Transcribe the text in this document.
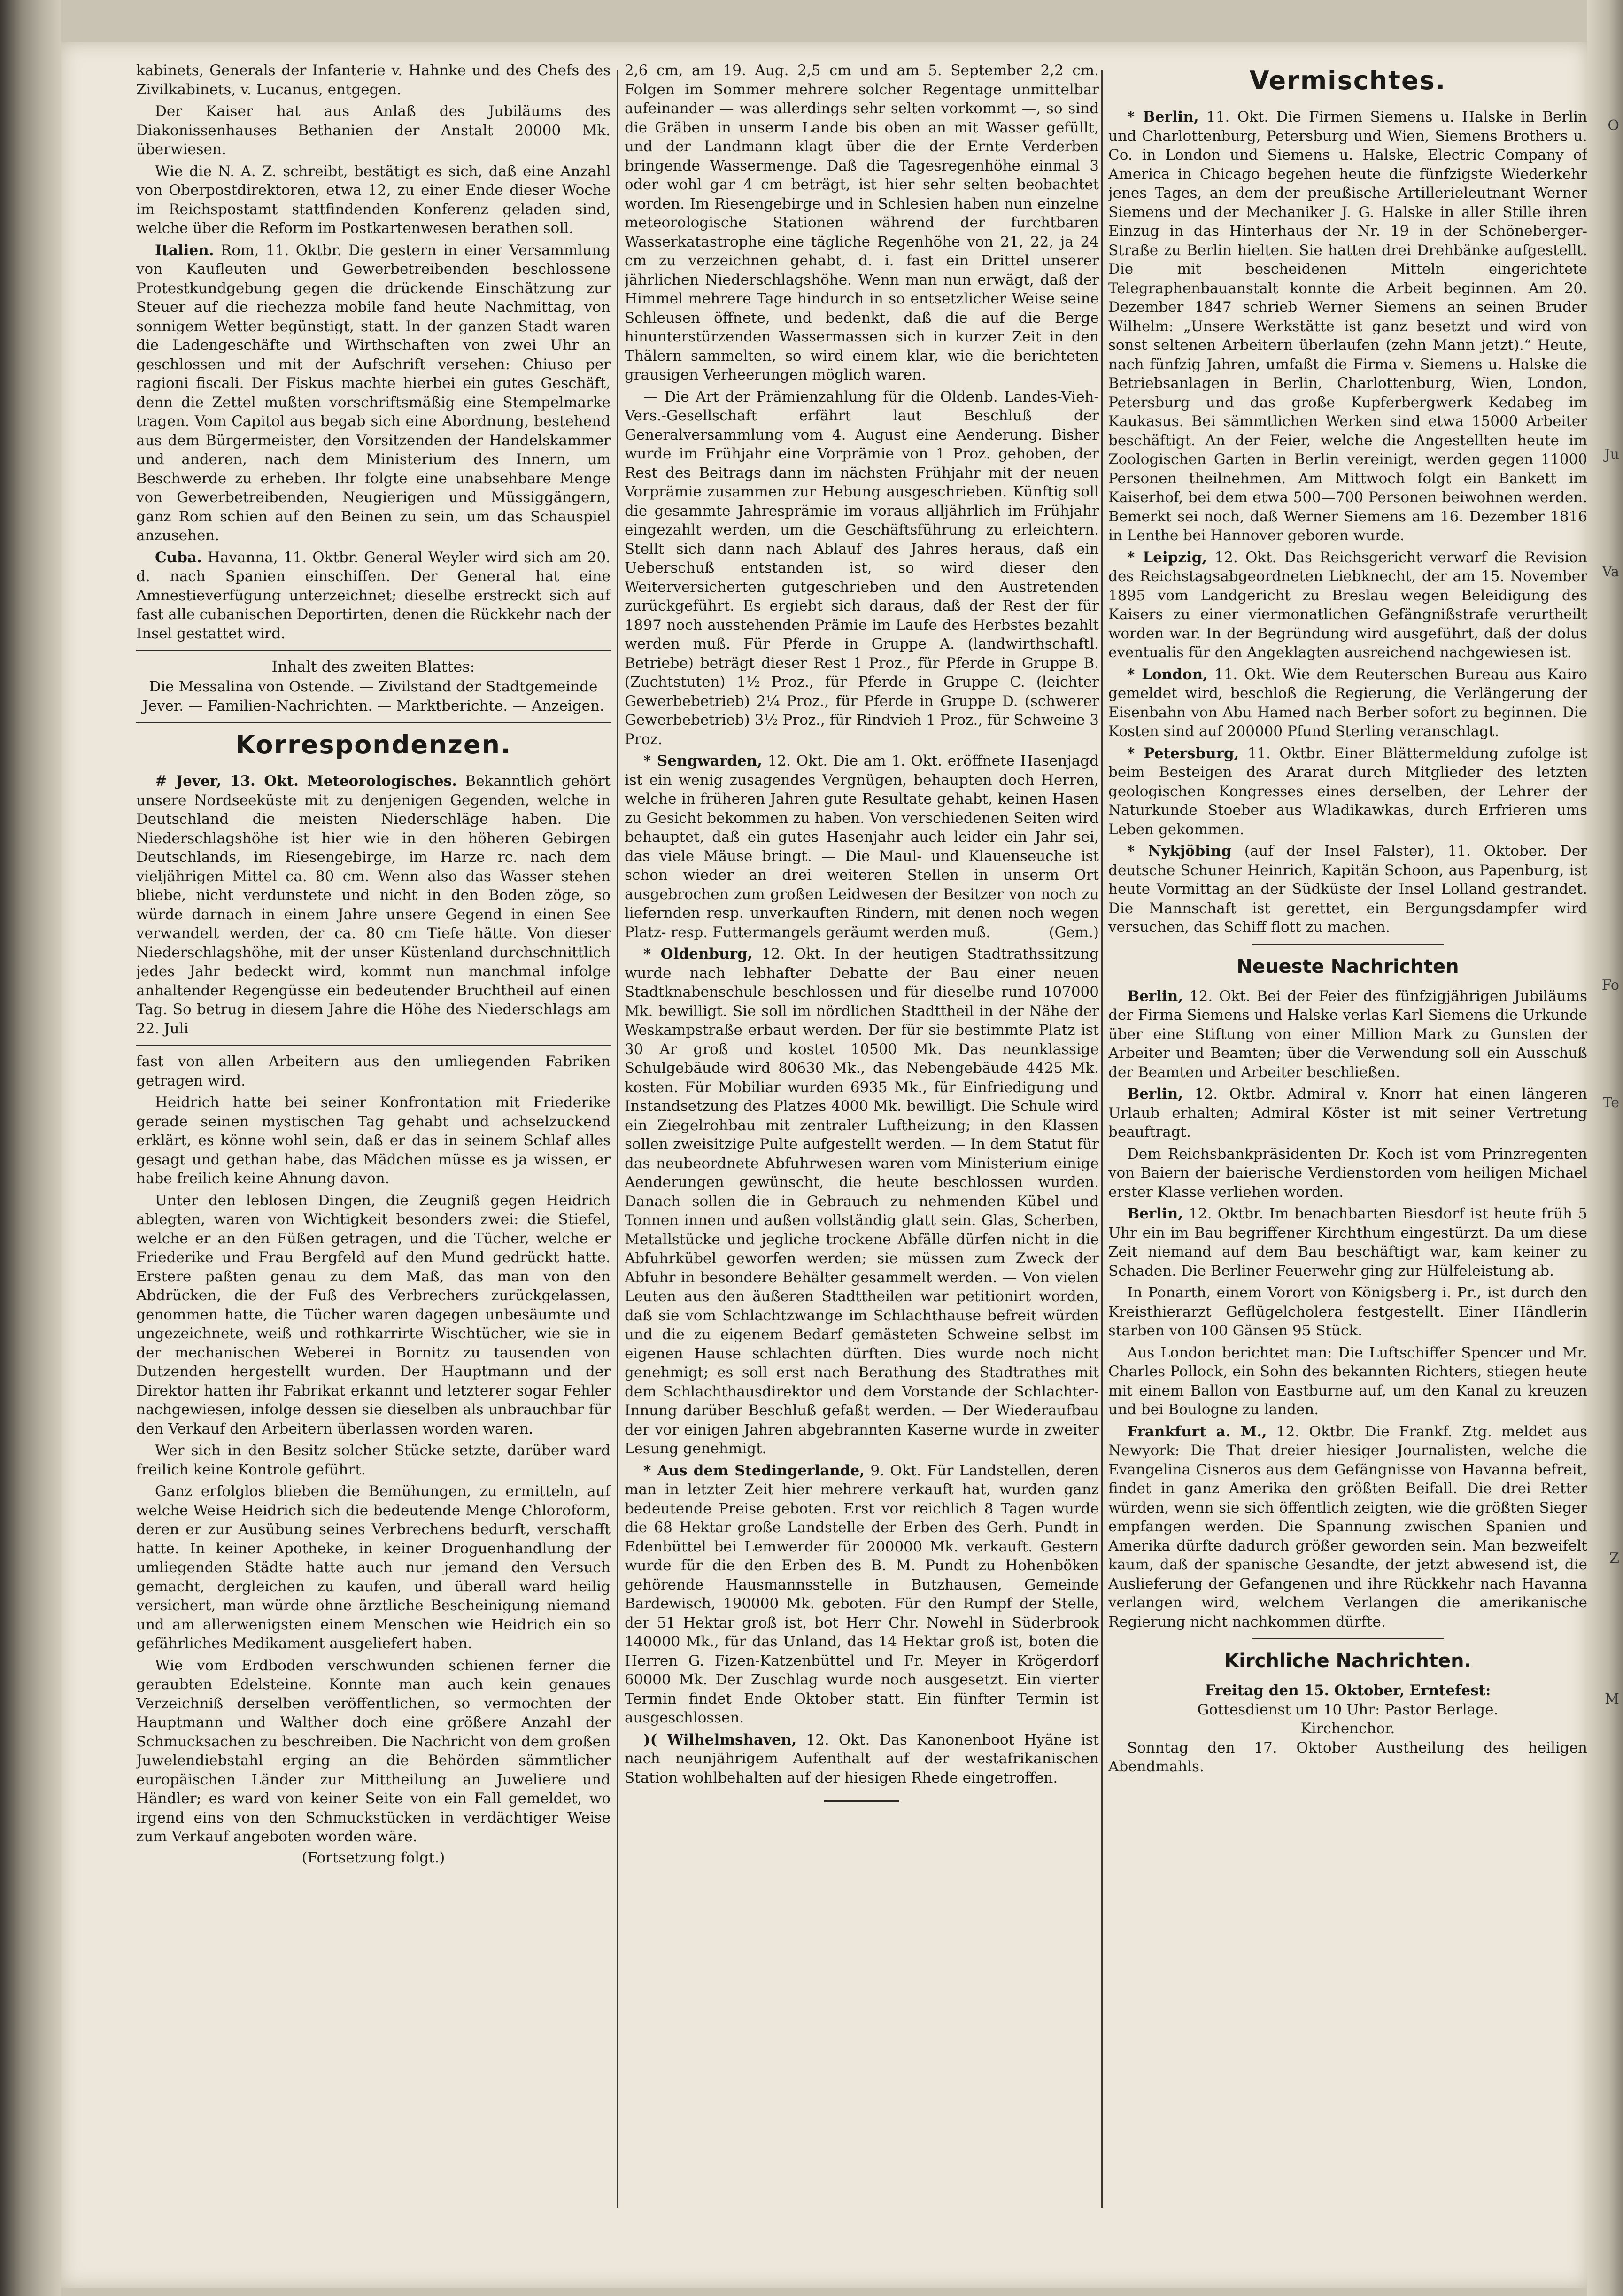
O
Ju
Va
Fo
Te
Z
M

kabinets, Generals der Infanterie v. Hahnke und des Chefs des Zivilkabinets, v. Lucanus, entgegen.

Der Kaiser hat aus Anlaß des Jubiläums des Diakonissenhauses Bethanien der Anstalt 20000 Mk. überwiesen.

Wie die N. A. Z. schreibt, bestätigt es sich, daß eine Anzahl von Oberpostdirektoren, etwa 12, zu einer Ende dieser Woche im Reichspostamt stattfindenden Konferenz geladen sind, welche über die Reform im Postkartenwesen berathen soll.

Italien. Rom, 11. Oktbr. Die gestern in einer Versammlung von Kaufleuten und Gewerbetreibenden beschlossene Protestkundgebung gegen die drückende Einschätzung zur Steuer auf die riechezza mobile fand heute Nachmittag, von sonnigem Wetter begünstigt, statt. In der ganzen Stadt waren die Ladengeschäfte und Wirthschaften von zwei Uhr an geschlossen und mit der Aufschrift versehen: Chiuso per ragioni fiscali. Der Fiskus machte hierbei ein gutes Geschäft, denn die Zettel mußten vorschriftsmäßig eine Stempelmarke tragen. Vom Capitol aus begab sich eine Abordnung, bestehend aus dem Bürgermeister, den Vorsitzenden der Handelskammer und anderen, nach dem Ministerium des Innern, um Beschwerde zu erheben. Ihr folgte eine unabsehbare Menge von Gewerbetreibenden, Neugierigen und Müssiggängern, ganz Rom schien auf den Beinen zu sein, um das Schauspiel anzusehen.

Cuba. Havanna, 11. Oktbr. General Weyler wird sich am 20. d. nach Spanien einschiffen. Der General hat eine Amnestieverfügung unterzeichnet; dieselbe erstreckt sich auf fast alle cubanischen Deportirten, denen die Rückkehr nach der Insel gestattet wird.

Inhalt des zweiten Blattes:

Die Messalina von Ostende. — Zivilstand der Stadtgemeinde Jever. — Familien-Nachrichten. — Marktberichte. — Anzeigen.

Korrespondenzen.

# Jever, 13. Okt. Meteorologisches. Bekanntlich gehört unsere Nordseeküste mit zu denjenigen Gegenden, welche in Deutschland die meisten Niederschläge haben. Die Niederschlagshöhe ist hier wie in den höheren Gebirgen Deutschlands, im Riesengebirge, im Harze rc. nach dem vieljährigen Mittel ca. 80 cm. Wenn also das Wasser stehen bliebe, nicht verdunstete und nicht in den Boden zöge, so würde darnach in einem Jahre unsere Gegend in einen See verwandelt werden, der ca. 80 cm Tiefe hätte. Von dieser Niederschlagshöhe, mit der unser Küstenland durchschnittlich jedes Jahr bedeckt wird, kommt nun manchmal infolge anhaltender Regengüsse ein bedeutender Bruchtheil auf einen Tag. So betrug in diesem Jahre die Höhe des Niederschlags am 22. Juli

fast von allen Arbeitern aus den umliegenden Fabriken getragen wird.

Heidrich hatte bei seiner Konfrontation mit Friederike gerade seinen mystischen Tag gehabt und achselzuckend erklärt, es könne wohl sein, daß er das in seinem Schlaf alles gesagt und gethan habe, das Mädchen müsse es ja wissen, er habe freilich keine Ahnung davon.

Unter den leblosen Dingen, die Zeugniß gegen Heidrich ablegten, waren von Wichtigkeit besonders zwei: die Stiefel, welche er an den Füßen getragen, und die Tücher, welche er Friederike und Frau Bergfeld auf den Mund gedrückt hatte. Erstere paßten genau zu dem Maß, das man von den Abdrücken, die der Fuß des Verbrechers zurückgelassen, genommen hatte, die Tücher waren dagegen unbesäumte und ungezeichnete, weiß und rothkarrirte Wischtücher, wie sie in der mechanischen Weberei in Bornitz zu tausenden von Dutzenden hergestellt wurden. Der Hauptmann und der Direktor hatten ihr Fabrikat erkannt und letzterer sogar Fehler nachgewiesen, infolge dessen sie dieselben als unbrauchbar für den Verkauf den Arbeitern überlassen worden waren.

Wer sich in den Besitz solcher Stücke setzte, darüber ward freilich keine Kontrole geführt.

Ganz erfolglos blieben die Bemühungen, zu ermitteln, auf welche Weise Heidrich sich die bedeutende Menge Chloroform, deren er zur Ausübung seines Verbrechens bedurft, verschafft hatte. In keiner Apotheke, in keiner Droguenhandlung der umliegenden Städte hatte auch nur jemand den Versuch gemacht, dergleichen zu kaufen, und überall ward heilig versichert, man würde ohne ärztliche Bescheinigung niemand und am allerwenigsten einem Menschen wie Heidrich ein so gefährliches Medikament ausgeliefert haben.

Wie vom Erdboden verschwunden schienen ferner die geraubten Edelsteine. Konnte man auch kein genaues Verzeichniß derselben veröffentlichen, so vermochten der Hauptmann und Walther doch eine größere Anzahl der Schmucksachen zu beschreiben. Die Nachricht von dem großen Juwelendiebstahl erging an die Behörden sämmtlicher europäischen Länder zur Mittheilung an Juweliere und Händler; es ward von keiner Seite von ein Fall gemeldet, wo irgend eins von den Schmuckstücken in verdächtiger Weise zum Verkauf angeboten worden wäre.

(Fortsetzung folgt.)

2,6 cm, am 19. Aug. 2,5 cm und am 5. September 2,2 cm. Folgen im Sommer mehrere solcher Regentage unmittelbar aufeinander — was allerdings sehr selten vorkommt —, so sind die Gräben in unserm Lande bis oben an mit Wasser gefüllt, und der Landmann klagt über die der Ernte Verderben bringende Wassermenge. Daß die Tagesregenhöhe einmal 3 oder wohl gar 4 cm beträgt, ist hier sehr selten beobachtet worden. Im Riesengebirge und in Schlesien haben nun einzelne meteorologische Stationen während der furchtbaren Wasserkatastrophe eine tägliche Regenhöhe von 21, 22, ja 24 cm zu verzeichnen gehabt, d. i. fast ein Drittel unserer jährlichen Niederschlagshöhe. Wenn man nun erwägt, daß der Himmel mehrere Tage hindurch in so entsetzlicher Weise seine Schleusen öffnete, und bedenkt, daß die auf die Berge hinunterstürzenden Wassermassen sich in kurzer Zeit in den Thälern sammelten, so wird einem klar, wie die berichteten grausigen Verheerungen möglich waren.

— Die Art der Prämienzahlung für die Oldenb. Landes-Vieh-Vers.-Gesellschaft erfährt laut Beschluß der Generalversammlung vom 4. August eine Aenderung. Bisher wurde im Frühjahr eine Vorprämie von 1 Proz. gehoben, der Rest des Beitrags dann im nächsten Frühjahr mit der neuen Vorprämie zusammen zur Hebung ausgeschrieben. Künftig soll die gesammte Jahresprämie im voraus alljährlich im Frühjahr eingezahlt werden, um die Geschäftsführung zu erleichtern. Stellt sich dann nach Ablauf des Jahres heraus, daß ein Ueberschuß entstanden ist, so wird dieser den Weiterversicherten gutgeschrieben und den Austretenden zurückgeführt. Es ergiebt sich daraus, daß der Rest der für 1897 noch ausstehenden Prämie im Laufe des Herbstes bezahlt werden muß. Für Pferde in Gruppe A. (landwirthschaftl. Betriebe) beträgt dieser Rest 1 Proz., für Pferde in Gruppe B. (Zuchtstuten) 1½ Proz., für Pferde in Gruppe C. (leichter Gewerbebetrieb) 2¼ Proz., für Pferde in Gruppe D. (schwerer Gewerbebetrieb) 3½ Proz., für Rindvieh 1 Proz., für Schweine 3 Proz.

* Sengwarden, 12. Okt. Die am 1. Okt. eröffnete Hasenjagd ist ein wenig zusagendes Vergnügen, behaupten doch Herren, welche in früheren Jahren gute Resultate gehabt, keinen Hasen zu Gesicht bekommen zu haben. Von verschiedenen Seiten wird behauptet, daß ein gutes Hasenjahr auch leider ein Jahr sei, das viele Mäuse bringt. — Die Maul- und Klauenseuche ist schon wieder an drei weiteren Stellen in unserm Ort ausgebrochen zum großen Leidwesen der Besitzer von noch zu liefernden resp. unverkauften Rindern, mit denen noch wegen Platz- resp. Futtermangels geräumt werden muß.	(Gem.)

* Oldenburg, 12. Okt. In der heutigen Stadtrathssitzung wurde nach lebhafter Debatte der Bau einer neuen Stadtknabenschule beschlossen und für dieselbe rund 107000 Mk. bewilligt. Sie soll im nördlichen Stadttheil in der Nähe der Weskampstraße erbaut werden. Der für sie bestimmte Platz ist 30 Ar groß und kostet 10500 Mk. Das neunklassige Schulgebäude wird 80630 Mk., das Nebengebäude 4425 Mk. kosten. Für Mobiliar wurden 6935 Mk., für Einfriedigung und Instandsetzung des Platzes 4000 Mk. bewilligt. Die Schule wird ein Ziegelrohbau mit zentraler Luftheizung; in den Klassen sollen zweisitzige Pulte aufgestellt werden. — In dem Statut für das neubeordnete Abfuhrwesen waren vom Ministerium einige Aenderungen gewünscht, die heute beschlossen wurden. Danach sollen die in Gebrauch zu nehmenden Kübel und Tonnen innen und außen vollständig glatt sein. Glas, Scherben, Metallstücke und jegliche trockene Abfälle dürfen nicht in die Abfuhrkübel geworfen werden; sie müssen zum Zweck der Abfuhr in besondere Behälter gesammelt werden. — Von vielen Leuten aus den äußeren Stadttheilen war petitionirt worden, daß sie vom Schlachtzwange im Schlachthause befreit würden und die zu eigenem Bedarf gemästeten Schweine selbst im eigenen Hause schlachten dürften. Dies wurde noch nicht genehmigt; es soll erst nach Berathung des Stadtrathes mit dem Schlachthausdirektor und dem Vorstande der Schlachter-Innung darüber Beschluß gefaßt werden. — Der Wiederaufbau der vor einigen Jahren abgebrannten Kaserne wurde in zweiter Lesung genehmigt.

* Aus dem Stedingerlande, 9. Okt. Für Landstellen, deren man in letzter Zeit hier mehrere verkauft hat, wurden ganz bedeutende Preise geboten. Erst vor reichlich 8 Tagen wurde die 68 Hektar große Landstelle der Erben des Gerh. Pundt in Edenbüttel bei Lemwerder für 200000 Mk. verkauft. Gestern wurde für die den Erben des B. M. Pundt zu Hohenböken gehörende Hausmannsstelle in Butzhausen, Gemeinde Bardewisch, 190000 Mk. geboten. Für den Rumpf der Stelle, der 51 Hektar groß ist, bot Herr Chr. Nowehl in Süderbrook 140000 Mk., für das Unland, das 14 Hektar groß ist, boten die Herren G. Fizen-Katzenbüttel und Fr. Meyer in Krögerdorf 60000 Mk. Der Zuschlag wurde noch ausgesetzt. Ein vierter Termin findet Ende Oktober statt. Ein fünfter Termin ist ausgeschlossen.

)( Wilhelmshaven, 12. Okt. Das Kanonenboot Hyäne ist nach neunjährigem Aufenthalt auf der westafrikanischen Station wohlbehalten auf der hiesigen Rhede eingetroffen.

Vermischtes.

* Berlin, 11. Okt. Die Firmen Siemens u. Halske in Berlin und Charlottenburg, Petersburg und Wien, Siemens Brothers u. Co. in London und Siemens u. Halske, Electric Company of America in Chicago begehen heute die fünfzigste Wiederkehr jenes Tages, an dem der preußische Artillerieleutnant Werner Siemens und der Mechaniker J. G. Halske in aller Stille ihren Einzug in das Hinterhaus der Nr. 19 in der Schöneberger-Straße zu Berlin hielten. Sie hatten drei Drehbänke aufgestellt. Die mit bescheidenen Mitteln eingerichtete Telegraphenbauanstalt konnte die Arbeit beginnen. Am 20. Dezember 1847 schrieb Werner Siemens an seinen Bruder Wilhelm: „Unsere Werkstätte ist ganz besetzt und wird von sonst seltenen Arbeitern überlaufen (zehn Mann jetzt).“ Heute, nach fünfzig Jahren, umfaßt die Firma v. Siemens u. Halske die Betriebsanlagen in Berlin, Charlottenburg, Wien, London, Petersburg und das große Kupferbergwerk Kedabeg im Kaukasus. Bei sämmtlichen Werken sind etwa 15000 Arbeiter beschäftigt. An der Feier, welche die Angestellten heute im Zoologischen Garten in Berlin vereinigt, werden gegen 11000 Personen theilnehmen. Am Mittwoch folgt ein Bankett im Kaiserhof, bei dem etwa 500—700 Personen beiwohnen werden. Bemerkt sei noch, daß Werner Siemens am 16. Dezember 1816 in Lenthe bei Hannover geboren wurde.

* Leipzig, 12. Okt. Das Reichsgericht verwarf die Revision des Reichstagsabgeordneten Liebknecht, der am 15. November 1895 vom Landgericht zu Breslau wegen Beleidigung des Kaisers zu einer viermonatlichen Gefängnißstrafe verurtheilt worden war. In der Begründung wird ausgeführt, daß der dolus eventualis für den Angeklagten ausreichend nachgewiesen ist.

* London, 11. Okt. Wie dem Reuterschen Bureau aus Kairo gemeldet wird, beschloß die Regierung, die Verlängerung der Eisenbahn von Abu Hamed nach Berber sofort zu beginnen. Die Kosten sind auf 200000 Pfund Sterling veranschlagt.

* Petersburg, 11. Oktbr. Einer Blättermeldung zufolge ist beim Besteigen des Ararat durch Mitglieder des letzten geologischen Kongresses eines derselben, der Lehrer der Naturkunde Stoeber aus Wladikawkas, durch Erfrieren ums Leben gekommen.

* Nykjöbing (auf der Insel Falster), 11. Oktober. Der deutsche Schuner Heinrich, Kapitän Schoon, aus Papenburg, ist heute Vormittag an der Südküste der Insel Lolland gestrandet. Die Mannschaft ist gerettet, ein Bergungsdampfer wird versuchen, das Schiff flott zu machen.

Neueste Nachrichten

Berlin, 12. Okt. Bei der Feier des fünfzigjährigen Jubiläums der Firma Siemens und Halske verlas Karl Siemens die Urkunde über eine Stiftung von einer Million Mark zu Gunsten der Arbeiter und Beamten; über die Verwendung soll ein Ausschuß der Beamten und Arbeiter beschließen.

Berlin, 12. Oktbr. Admiral v. Knorr hat einen längeren Urlaub erhalten; Admiral Köster ist mit seiner Vertretung beauftragt.

Dem Reichsbankpräsidenten Dr. Koch ist vom Prinzregenten von Baiern der baierische Verdienstorden vom heiligen Michael erster Klasse verliehen worden.

Berlin, 12. Oktbr. Im benachbarten Biesdorf ist heute früh 5 Uhr ein im Bau begriffener Kirchthum eingestürzt. Da um diese Zeit niemand auf dem Bau beschäftigt war, kam keiner zu Schaden. Die Berliner Feuerwehr ging zur Hülfeleistung ab.

In Ponarth, einem Vorort von Königsberg i. Pr., ist durch den Kreisthierarzt Geflügelcholera festgestellt. Einer Händlerin starben von 100 Gänsen 95 Stück.

Aus London berichtet man: Die Luftschiffer Spencer und Mr. Charles Pollock, ein Sohn des bekannten Richters, stiegen heute mit einem Ballon von Eastburne auf, um den Kanal zu kreuzen und bei Boulogne zu landen.

Frankfurt a. M., 12. Oktbr. Die Frankf. Ztg. meldet aus Newyork: Die That dreier hiesiger Journalisten, welche die Evangelina Cisneros aus dem Gefängnisse von Havanna befreit, findet in ganz Amerika den größten Beifall. Die drei Retter würden, wenn sie sich öffentlich zeigten, wie die größten Sieger empfangen werden. Die Spannung zwischen Spanien und Amerika dürfte dadurch größer geworden sein. Man bezweifelt kaum, daß der spanische Gesandte, der jetzt abwesend ist, die Auslieferung der Gefangenen und ihre Rückkehr nach Havanna verlangen wird, welchem Verlangen die amerikanische Regierung nicht nachkommen dürfte.

Kirchliche Nachrichten.

Freitag den 15. Oktober, Erntefest:

Gottesdienst um 10 Uhr: Pastor Berlage.

Kirchenchor.

Sonntag den 17. Oktober Austheilung des heiligen Abendmahls.
